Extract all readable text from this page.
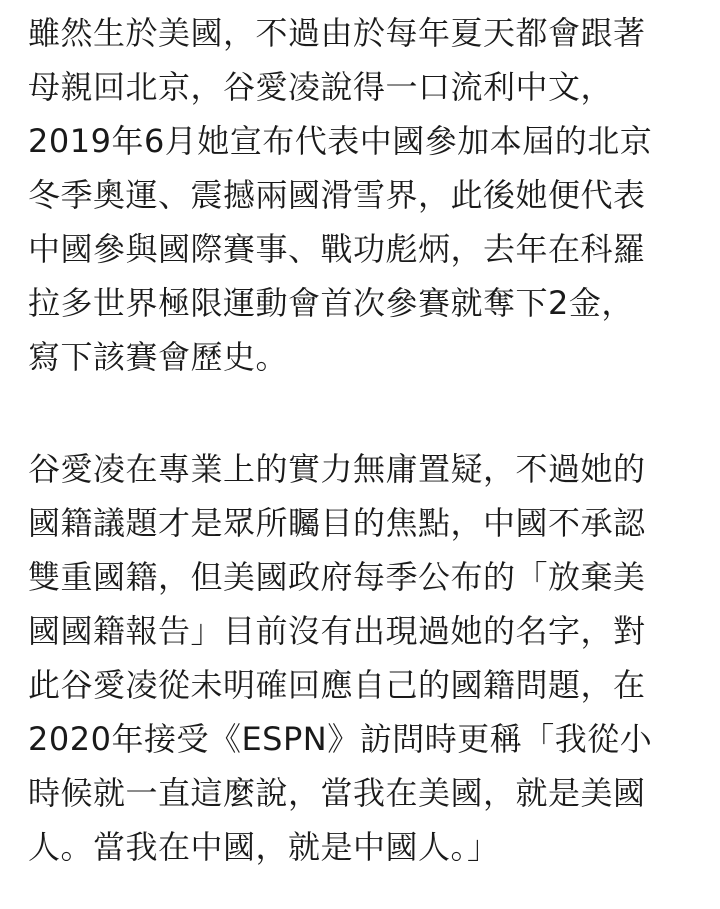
雖然生於美國，不過由於每年夏天都會跟著
母親回北京，谷愛凌說得一口流利中文，
2019年6月她宣布代表中國參加本屆的北京
冬季奧運、震撼兩國滑雪界，此後她便代表
中國參與國際賽事、戰功彪炳，去年在科羅
拉多世界極限運動會首次參賽就奪下2金，
寫下該賽會歷史。
谷愛凌在專業上的實力無庸置疑，不過她的
國籍議題才是眾所矚目的焦點，中國不承認
雙重國籍，但美國政府每季公布的「放棄美
國國籍報告」目前沒有出現過她的名字，對
此谷愛凌從未明確回應自己的國籍問題，在
2020年接受《ESPN》訪問時更稱「我從小
時候就一直這麼說，當我在美國，就是美國
人。當我在中國，就是中國人。」
